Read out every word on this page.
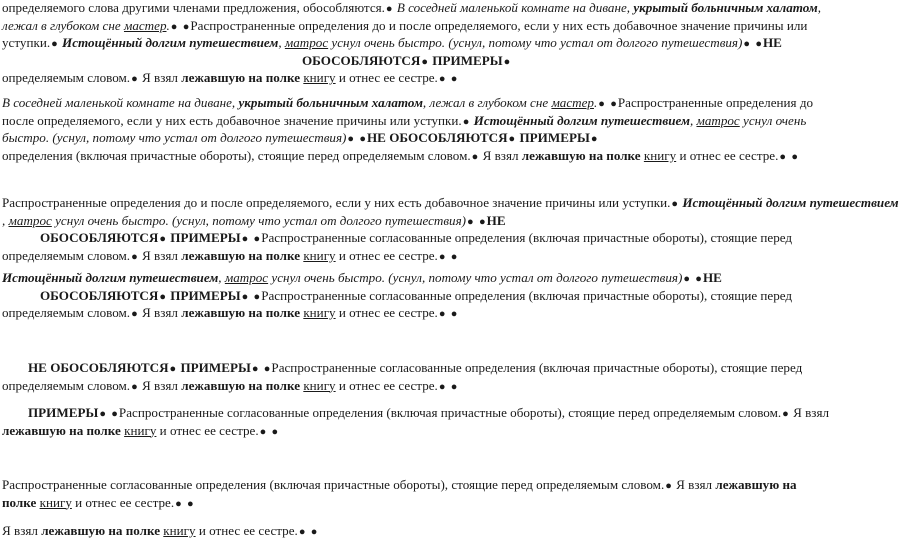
определяемого слова другими членами предложения, обособляются.● В соседней маленькой комнате на диване, укрытый больничным халатом,
лежал в глубоком сне мастер.● ●Распространенные определения до и после определяемого, если у них есть добавочное значение причины или
уступки.● Истощённый долгим путешествием, матрос уснул очень быстро. (уснул, потому что устал от долгого путешествия)● ●НЕ
ОБОСОБЛЯЮТСЯ● ПРИМЕРЫ●
определяемым словом.● Я взял лежавшую на полке книгу и отнес ее сестре.● ●
В соседней маленькой комнате на диване, укрытый больничным халатом, лежал в глубоком сне мастер.● ●Распространенные определения до
после определяемого, если у них есть добавочное значение причины или уступки.● Истощённый долгим путешествием, матрос уснул очень
быстро. (уснул, потому что устал от долгого путешествия)● ●НЕ ОБОСОБЛЯЮТСЯ● ПРИМЕРЫ●
определения (включая причастные обороты), стоящие перед определяемым словом.● Я взял лежавшую на полке книгу и отнес ее сестре.● ●
Распространенные определения до и после определяемого, если у них есть добавочное значение причины или уступки.● Истощённый долгим путешествием
, матрос уснул очень быстро. (уснул, потому что устал от долгого путешествия)● ●НЕ
ОБОСОБЛЯЮТСЯ● ПРИМЕРЫ● ●Распространенные согласованные определения (включая причастные обороты), стоящие перед
определяемым словом.● Я взял лежавшую на полке книгу и отнес ее сестре.● ●
Истощённый долгим путешествием, матрос уснул очень быстро. (уснул, потому что устал от долгого путешествия)● ●НЕ
ОБОСОБЛЯЮТСЯ● ПРИМЕРЫ● ●Распространенные согласованные определения (включая причастные обороты), стоящие перед
определяемым словом.● Я взял лежавшую на полке книгу и отнес ее сестре.● ●
НЕ ОБОСОБЛЯЮТСЯ● ПРИМЕРЫ● ●Распространенные согласованные определения (включая причастные обороты), стоящие перед
определяемым словом.● Я взял лежавшую на полке книгу и отнес ее сестре.● ●
ПРИМЕРЫ● ●Распространенные согласованные определения (включая причастные обороты), стоящие перед определяемым словом.● Я взял
лежавшую на полке книгу и отнес ее сестре.● ●
Распространенные согласованные определения (включая причастные обороты), стоящие перед определяемым словом.● Я взял лежавшую на
полке книгу и отнес ее сестре.● ●
Я взял лежавшую на полке книгу и отнес ее сестре.● ●
